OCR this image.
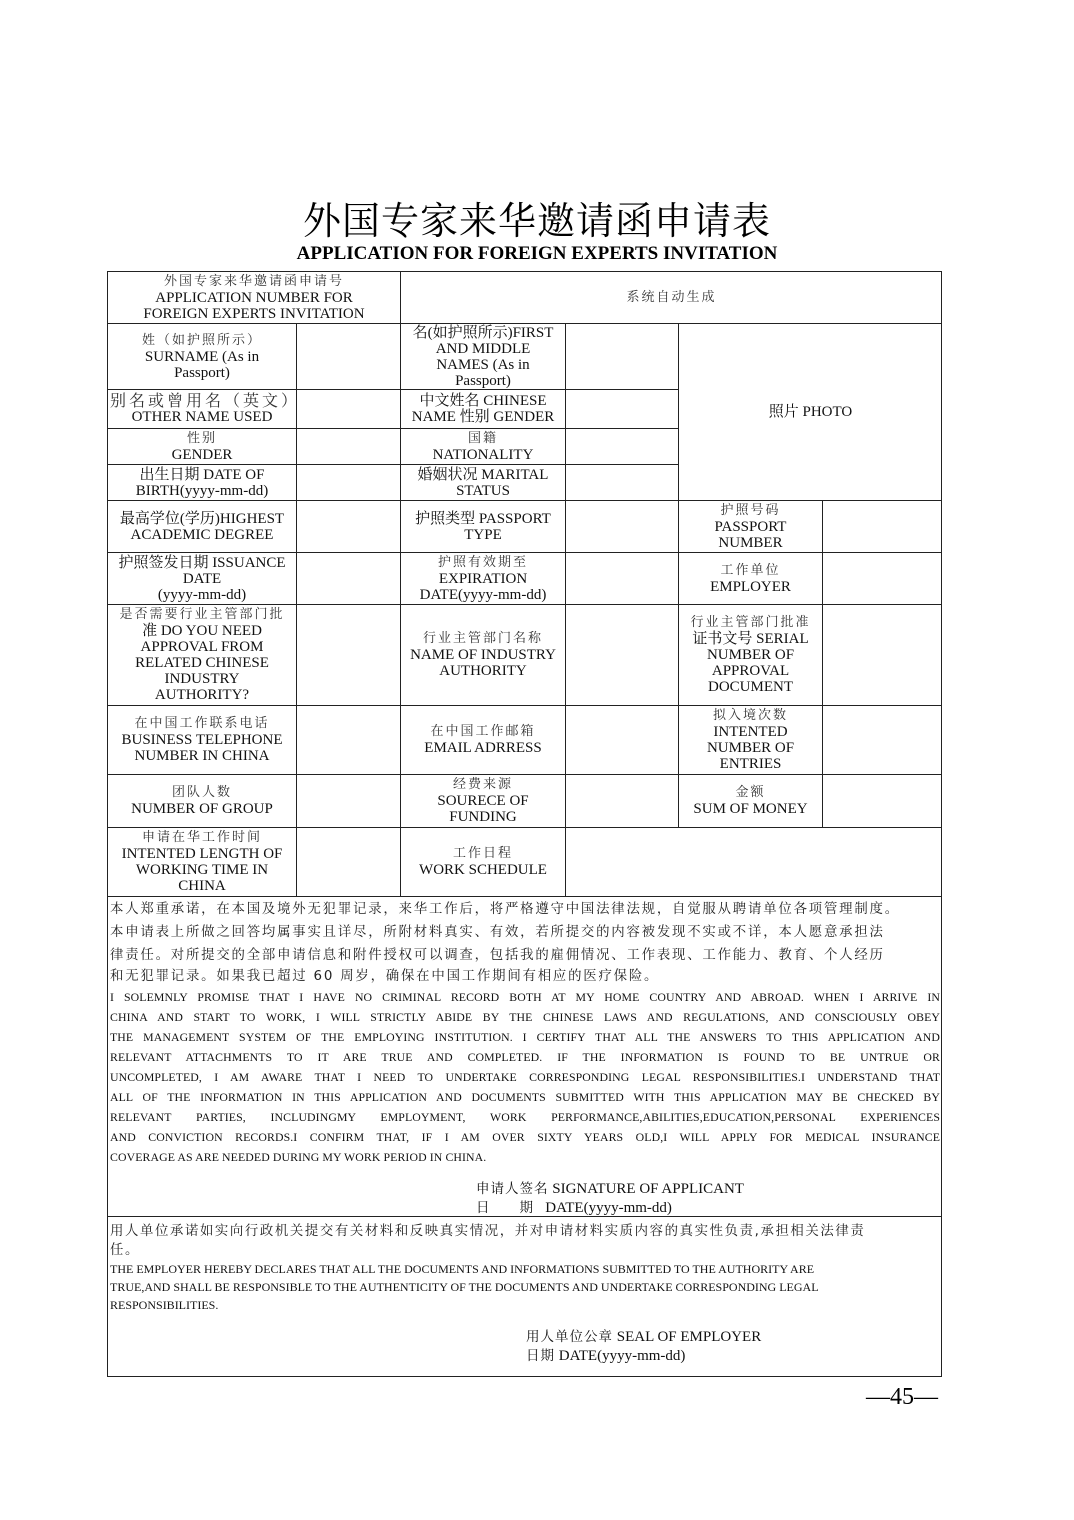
外国专家来华邀请函申请表
APPLICATION FOR FOREIGN EXPERTS INVITATION
外国专家来华邀请函申请号
APPLICATION NUMBER FOR
FOREIGN EXPERTS INVITATION
系统自动生成
姓（如护照所示）
SURNAME (As in
Passport)
名(如护照所示)FIRST
AND MIDDLE
NAMES (As in
Passport)
照片 PHOTO
别名或曾用名（英文）
OTHER NAME USED
中文姓名 CHINESE
NAME 性别 GENDER
性别
GENDER
国籍
NATIONALITY
出生日期 DATE OF
BIRTH(yyyy-mm-dd)
婚姻状况 MARITAL
STATUS
最高学位(学历)HIGHEST
ACADEMIC DEGREE
护照类型 PASSPORT
TYPE
护照号码
PASSPORT
NUMBER
护照签发日期 ISSUANCE
DATE
(yyyy-mm-dd)
护照有效期至
EXPIRATION
DATE(yyyy-mm-dd)
工作单位
EMPLOYER
是否需要行业主管部门批
准 DO YOU NEED
APPROVAL FROM
RELATED CHINESE
INDUSTRY
AUTHORITY?
行业主管部门名称
NAME OF INDUSTRY
AUTHORITY
行业主管部门批准
证书文号 SERIAL
NUMBER OF
APPROVAL
DOCUMENT
在中国工作联系电话
BUSINESS TELEPHONE
NUMBER IN CHINA
在中国工作邮箱
EMAIL ADRRESS
拟入境次数
INTENTED
NUMBER OF
ENTRIES
团队人数
NUMBER OF GROUP
经费来源
SOURECE OF
FUNDING
金额
SUM OF MONEY
申请在华工作时间
INTENTED LENGTH OF
WORKING TIME IN
CHINA
工作日程
WORK SCHEDULE
本人郑重承诺，在本国及境外无犯罪记录，来华工作后，将严格遵守中国法律法规，自觉服从聘请单位各项管理制度。
本申请表上所做之回答均属事实且详尽，所附材料真实、有效，若所提交的内容被发现不实或不详，本人愿意承担法
律责任。对所提交的全部申请信息和附件授权可以调查，包括我的雇佣情况、工作表现、工作能力、教育、个人经历
和无犯罪记录。如果我已超过 60 周岁，确保在中国工作期间有相应的医疗保险。
I SOLEMNLY PROMISE THAT I HAVE NO CRIMINAL RECORD BOTH AT MY HOME COUNTRY AND ABROAD. WHEN I ARRIVE IN
CHINA AND START TO WORK, I WILL STRICTLY ABIDE BY THE CHINESE LAWS AND REGULATIONS, AND CONSCIOUSLY OBEY
THE MANAGEMENT SYSTEM OF THE EMPLOYING INSTITUTION. I CERTIFY THAT ALL THE ANSWERS TO THIS APPLICATION AND
RELEVANT ATTACHMENTS TO IT ARE TRUE AND COMPLETED. IF THE INFORMATION IS FOUND TO BE UNTRUE OR
UNCOMPLETED, I AM AWARE THAT I NEED TO UNDERTAKE CORRESPONDING LEGAL RESPONSIBILITIES.I UNDERSTAND THAT
ALL OF THE INFORMATION IN THIS APPLICATION AND DOCUMENTS SUBMITTED WITH THIS APPLICATION MAY BE CHECKED BY
RELEVANT PARTIES, INCLUDINGMY EMPLOYMENT, WORK PERFORMANCE,ABILITIES,EDUCATION,PERSONAL EXPERIENCES
AND CONVICTION RECORDS.I CONFIRM THAT, IF I AM OVER SIXTY YEARS OLD,I WILL APPLY FOR MEDICAL INSURANCE
COVERAGE AS ARE NEEDED DURING MY WORK PERIOD IN CHINA.
申请人签名 SIGNATURE OF APPLICANT
日　　期 DATE(yyyy-mm-dd)
用人单位承诺如实向行政机关提交有关材料和反映真实情况，并对申请材料实质内容的真实性负责,承担相关法律责
任。
THE EMPLOYER HEREBY DECLARES THAT ALL THE DOCUMENTS AND INFORMATIONS SUBMITTED TO THE AUTHORITY ARE
TRUE,AND SHALL BE RESPONSIBLE TO THE AUTHENTICITY OF THE DOCUMENTS AND UNDERTAKE CORRESPONDING LEGAL
RESPONSIBILITIES.
用人单位公章 SEAL OF EMPLOYER
日期 DATE(yyyy-mm-dd)
—45—
